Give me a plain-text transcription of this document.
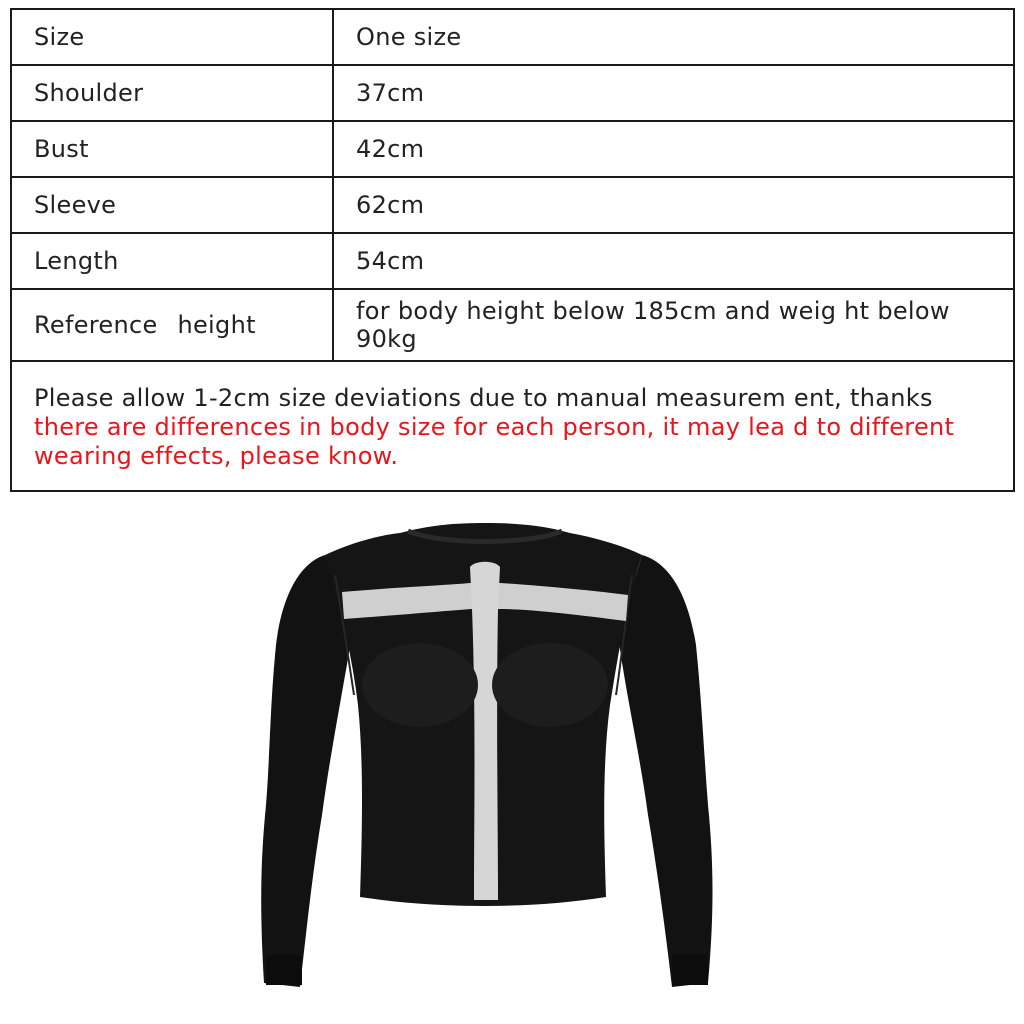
Size	One size
Shoulder	37cm
Bust	42cm
Sleeve	62cm
Length	54cm
Reference height	for body height below 185cm and weig ht below 90kg

Please allow 1-2cm size deviations due to manual measurem ent, thanks
there are differences in body size for each person, it may lea d to different wearing effects, please know.	
